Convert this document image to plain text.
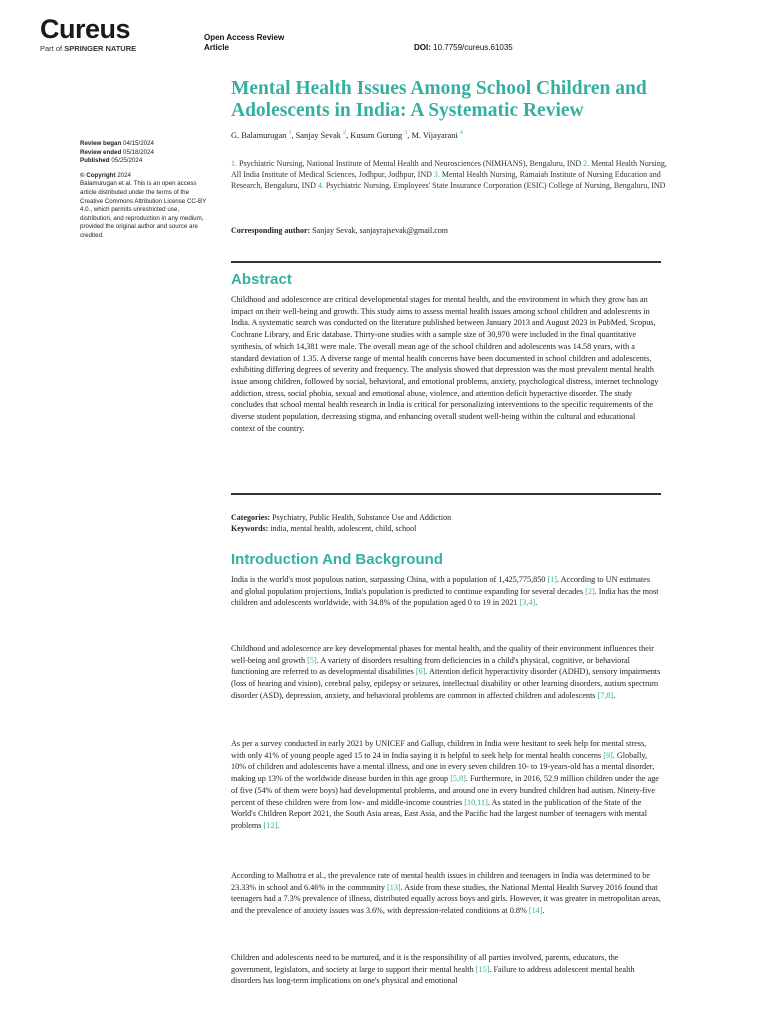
Cureus
Part of SPRINGER NATURE
Open Access Review
Article	DOI: 10.7759/cureus.61035
Mental Health Issues Among School Children and Adolescents in India: A Systematic Review
G. Balamurugan $^1$, Sanjay Sevak $^2$, Kusum Gurung $^3$, M. Vijayarani $^4$
1. Psychiatric Nursing, National Institute of Mental Health and Neurosciences (NIMHANS), Bengaluru, IND 2. Mental Health Nursing, All India Institute of Medical Sciences, Jodhpur, Jodhpur, IND 3. Mental Health Nursing, Ramaiah Institute of Nursing Education and Research, Bengaluru, IND 4. Psychiatric Nursing, Employees' State Insurance Corporation (ESIC) College of Nursing, Bengaluru, IND
Corresponding author: Sanjay Sevak, sanjayrajsevak@gmail.com
Review began 04/15/2024
Review ended 05/18/2024
Published 05/25/2024
© Copyright 2024
Balamurugan et al. This is an open access article distributed under the terms of the Creative Commons Attribution License CC-BY 4.0., which permits unrestricted use, distribution, and reproduction in any medium, provided the original author and source are credited.
Abstract
Childhood and adolescence are critical developmental stages for mental health, and the environment in which they grow has an impact on their well-being and growth. This study aims to assess mental health issues among school children and adolescents in India. A systematic search was conducted on the literature published between January 2013 and August 2023 in PubMed, Scopus, Cochrane Library, and Eric database. Thirty-one studies with a sample size of 30,970 were included in the final quantitative synthesis, of which 14,381 were male. The overall mean age of the school children and adolescents was 14.58 years, with a standard deviation of 1.35. A diverse range of mental health concerns have been documented in school children and adolescents, exhibiting differing degrees of severity and frequency. The analysis showed that depression was the most prevalent mental health issue among children, followed by social, behavioral, and emotional problems, anxiety, psychological distress, internet technology addiction, stress, social phobia, sexual and emotional abuse, violence, and attention deficit hyperactive disorder. The study concludes that school mental health research in India is critical for personalizing interventions to the specific requirements of the diverse student population, decreasing stigma, and enhancing overall student well-being within the cultural and educational context of the country.
Categories: Psychiatry, Public Health, Substance Use and Addiction
Keywords: india, mental health, adolescent, child, school
Introduction And Background
India is the world's most populous nation, surpassing China, with a population of 1,425,775,850 [1]. According to UN estimates and global population projections, India's population is predicted to continue expanding for several decades [2]. India has the most children and adolescents worldwide, with 34.8% of the population aged 0 to 19 in 2021 [3,4].
Childhood and adolescence are key developmental phases for mental health, and the quality of their environment influences their well-being and growth [5]. A variety of disorders resulting from deficiencies in a child's physical, cognitive, or behavioral functioning are referred to as developmental disabilities [6]. Attention deficit hyperactivity disorder (ADHD), sensory impairments (loss of hearing and vision), cerebral palsy, epilepsy or seizures, intellectual disability or other learning disorders, autism spectrum disorder (ASD), depression, anxiety, and behavioral problems are common in affected children and adolescents [7,8].
As per a survey conducted in early 2021 by UNICEF and Gallup, children in India were hesitant to seek help for mental stress, with only 41% of young people aged 15 to 24 in India saying it is helpful to seek help for mental health concerns [9]. Globally, 10% of children and adolescents have a mental illness, and one in every seven children 10- to 19-years-old has a mental disorder, making up 13% of the worldwide disease burden in this age group [5,8]. Furthermore, in 2016, 52.9 million children under the age of five (54% of them were boys) had developmental problems, and around one in every hundred children had autism. Ninety-five percent of these children were from low- and middle-income countries [10,11]. As stated in the publication of the State of the World's Children Report 2021, the South Asia areas, East Asia, and the Pacific had the largest number of teenagers with mental problems [12].
According to Malhotra et al., the prevalence rate of mental health issues in children and teenagers in India was determined to be 23.33% in school and 6.46% in the community [13]. Aside from these studies, the National Mental Health Survey 2016 found that teenagers had a 7.3% prevalence of illness, distributed equally across boys and girls. However, it was greater in metropolitan areas, and the prevalence of anxiety issues was 3.6%, with depression-related conditions at 0.8% [14].
Children and adolescents need to be nurtured, and it is the responsibility of all parties involved, parents, educators, the government, legislators, and society at large to support their mental health [15]. Failure to address adolescent mental health disorders has long-term implications on one's physical and emotional
